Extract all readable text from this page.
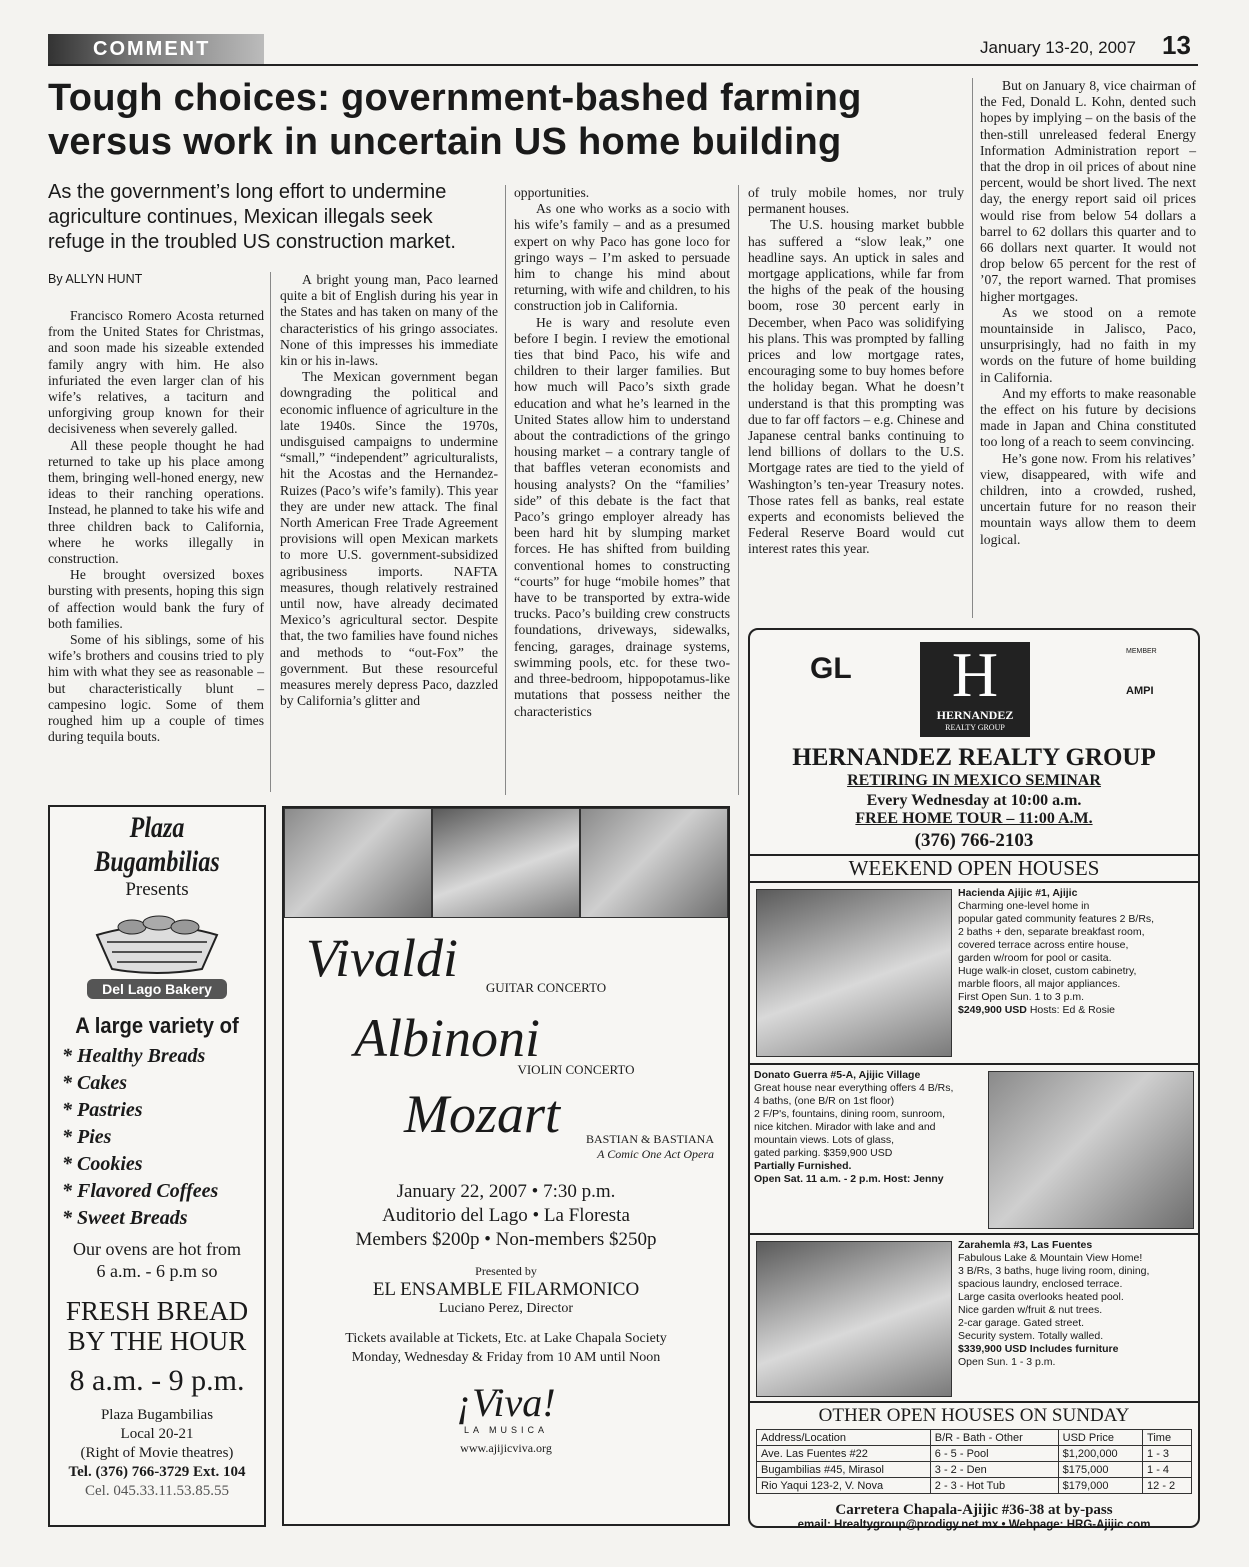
COMMENT	January 13-20, 2007 13
Tough choices: government-bashed farming
versus work in uncertain US home building
As the government’s long effort to undermine
agriculture continues, Mexican illegals seek
refuge in the troubled US construction market.
By ALLYN HUNT

Francisco Romero Acosta returned from the United States for Christmas, and soon made his sizeable extended family angry with him. He also infuriated the even larger clan of his wife’s relatives, a taciturn and unforgiving group known for their decisiveness when severely galled.

All these people thought he had returned to take up his place among them, bringing well-honed energy, new ideas to their ranching operations. Instead, he planned to take his wife and three children back to California, where he works illegally in construction.

He brought oversized boxes bursting with presents, hoping this sign of affection would bank the fury of both families.

Some of his siblings, some of his wife’s brothers and cousins tried to ply him with what they see as reasonable – but characteristically blunt – campesino logic. Some of them roughed him up a couple of times during tequila bouts.

A bright young man, Paco learned quite a bit of English during his year in the States and has taken on many of the characteristics of his gringo associates. None of this impresses his immediate kin or his in-laws.

The Mexican government began downgrading the political and economic influence of agriculture in the late 1940s. Since the 1970s, undisguised campaigns to undermine “small,” “independent” agriculturalists, hit the Acostas and the Hernandez-Ruizes (Paco’s wife’s family). This year they are under new attack. The final North American Free Trade Agreement provisions will open Mexican markets to more U.S. government-subsidized agribusiness imports. NAFTA measures, though relatively restrained until now, have already decimated Mexico’s agricultural sector. Despite that, the two families have found niches and methods to “out-Fox” the government. But these resourceful measures merely depress Paco, dazzled by California’s glitter and

opportunities.

As one who works as a socio with his wife’s family – and as a presumed expert on why Paco has gone loco for gringo ways – I’m asked to persuade him to change his mind about returning, with wife and children, to his construction job in California.

He is wary and resolute even before I begin. I review the emotional ties that bind Paco, his wife and children to their larger families. But how much will Paco’s sixth grade education and what he’s learned in the United States allow him to understand about the contradictions of the gringo housing market – a contrary tangle of that baffles veteran economists and housing analysts? On the “families’ side” of this debate is the fact that Paco’s gringo employer already has been hard hit by slumping market forces. He has shifted from building conventional homes to constructing “courts” for huge “mobile homes” that have to be transported by extra-wide trucks. Paco’s building crew constructs foundations, driveways, sidewalks, fencing, garages, drainage systems, swimming pools, etc. for these two- and three-bedroom, hippopotamus-like mutations that possess neither the characteristics

of truly mobile homes, nor truly permanent houses.

The U.S. housing market bubble has suffered a “slow leak,” one headline says. An uptick in sales and mortgage applications, while far from the highs of the peak of the housing boom, rose 30 percent early in December, when Paco was solidifying his plans. This was prompted by falling prices and low mortgage rates, encouraging some to buy homes before the holiday began. What he doesn’t understand is that this prompting was due to far off factors – e.g. Chinese and Japanese central banks continuing to lend billions of dollars to the U.S. Mortgage rates are tied to the yield of Washington’s ten-year Treasury notes. Those rates fell as banks, real estate experts and economists believed the Federal Reserve Board would cut interest rates this year.

But on January 8, vice chairman of the Fed, Donald L. Kohn, dented such hopes by implying – on the basis of the then-still unreleased federal Energy Information Administration report – that the drop in oil prices of about nine percent, would be short lived. The next day, the energy report said oil prices would rise from below 54 dollars a barrel to 62 dollars this quarter and to 66 dollars next quarter. It would not drop below 65 percent for the rest of ’07, the report warned. That promises higher mortgages.

As we stood on a remote mountainside in Jalisco, Paco, unsurprisingly, had no faith in my words on the future of home building in California.

And my efforts to make reasonable the effect on his future by decisions made in Japan and China constituted too long of a reach to seem convincing.

He’s gone now. From his relatives’ view, disappeared, with wife and children, into a crowded, rushed, uncertain future for no reason their mountain ways allow them to deem logical.

Plaza Bugambilias
Presents
Del Lago Bakery
A large variety of
* Healthy Breads
* Cakes
* Pastries
* Pies
* Cookies
* Flavored Coffees
* Sweet Breads
Our ovens are hot from
6 a.m. - 6 p.m so
FRESH BREAD
BY THE HOUR
8 a.m. - 9 p.m.
Plaza Bugambilias
Local 20-21
(Right of Movie theatres)
Tel. (376) 766-3729 Ext. 104
Cel. 045.33.11.53.85.55
Vivaldi	GUITAR CONCERTO
Albinoni
VIOLIN CONCERTO
Mozart	BASTIAN & BASTIANA
A Comic One Act Opera
January 22, 2007 • 7:30 p.m.
Auditorio del Lago • La Floresta
Members $200p • Non-members $250p
Presented by
EL ENSAMBLE FILARMONICO
Luciano Perez, Director
Tickets available at Tickets, Etc. at Lake Chapala Society
Monday, Wednesday & Friday from 10 AM until Noon
¡Viva!
LA MUSICA
www.ajijicviva.org
GL	H
HERNANDEZ
REALTY GROUP
MEMBER
AMPI
HERNANDEZ REALTY GROUP
RETIRING IN MEXICO SEMINAR
Every Wednesday at 10:00 a.m.
FREE HOME TOUR – 11:00 A.M.
(376) 766-2103
WEEKEND OPEN HOUSES
Hacienda Ajijic #1, Ajijic
Charming one-level home in
popular gated community features 2 B/Rs,
2 baths + den, separate breakfast room,
covered terrace across entire house,
garden w/room for pool or casita.
Huge walk-in closet, custom cabinetry,
marble floors, all major appliances.
First Open Sun. 1 to 3 p.m.
$249,900 USD Hosts: Ed & Rosie
Donato Guerra #5-A, Ajijic Village
Great house near everything offers 4 B/Rs,
4 baths, (one B/R on 1st floor)
2 F/P's, fountains, dining room, sunroom,
nice kitchen. Mirador with lake and and
mountain views. Lots of glass,
gated parking. $359,900 USD
Partially Furnished.
Open Sat. 11 a.m. - 2 p.m. Host: Jenny
Zarahemla #3, Las Fuentes
Fabulous Lake & Mountain View Home!
3 B/Rs, 3 baths, huge living room, dining,
spacious laundry, enclosed terrace.
Large casita overlooks heated pool.
Nice garden w/fruit & nut trees.
2-car garage. Gated street.
Security system. Totally walled.
$339,900 USD Includes furniture
Open Sun. 1 - 3 p.m.
OTHER OPEN HOUSES ON SUNDAY
Address/Location	B/R - Bath - Other	USD Price	Time
Ave. Las Fuentes #22	6 - 5 - Pool	$1,200,000	1 - 3
Bugambilias #45, Mirasol	3 - 2 - Den	$175,000	1 - 4
Rio Yaqui 123-2, V. Nova	2 - 3 - Hot Tub	$179,000	12 - 2
Carretera Chapala-Ajijic #36-38 at by-pass
email: Hrealtygroup@prodigy.net.mx • Webpage: HRG-Ajijic.com
